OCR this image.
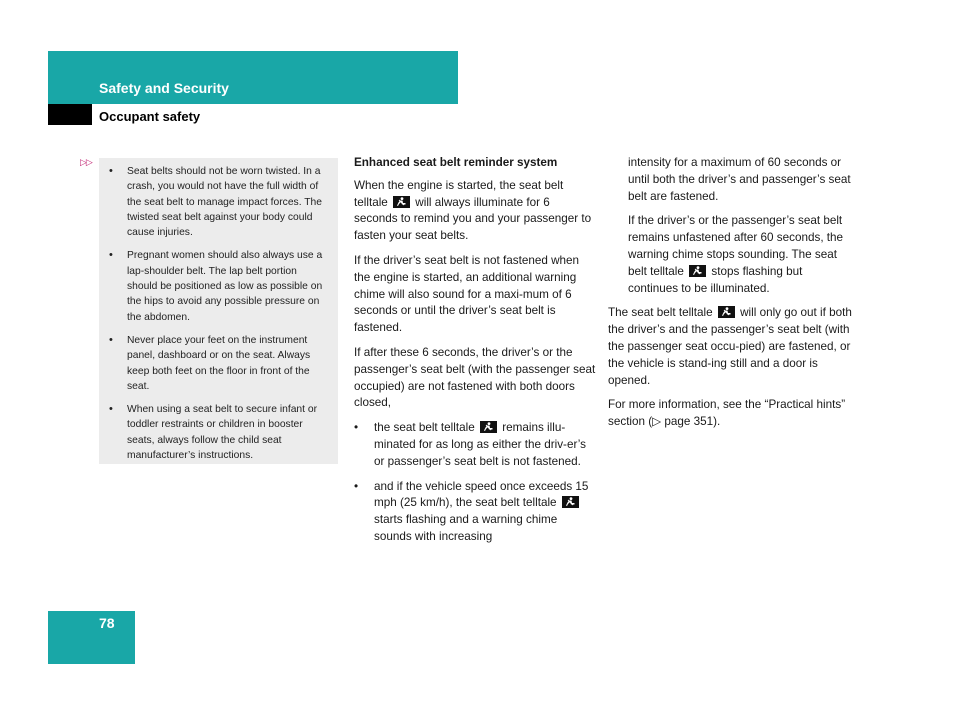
Safety and Security
Occupant safety
▷▷
• Seat belts should not be worn twisted. In a crash, you would not have the full width of the seat belt to manage impact forces. The twisted seat belt against your body could cause injuries.
• Pregnant women should also always use a lap-shoulder belt. The lap belt portion should be positioned as low as possible on the hips to avoid any possible pressure on the abdomen.
• Never place your feet on the instrument panel, dashboard or on the seat. Always keep both feet on the floor in front of the seat.
• When using a seat belt to secure infant or toddler restraints or children in booster seats, always follow the child seat manufacturer’s instructions.
Enhanced seat belt reminder system

When the engine is started, the seat belt telltale will always illuminate for 6 seconds to remind you and your passenger to fasten your seat belts.

If the driver’s seat belt is not fastened when the engine is started, an additional warning chime will also sound for a maxi-mum of 6 seconds or until the driver’s seat belt is fastened.

If after these 6 seconds, the driver’s or the passenger’s seat belt (with the passenger seat occupied) are not fastened with both doors closed,

• the seat belt telltale remains illu-minated for as long as either the driv-er’s or passenger’s seat belt is not fastened.
• and if the vehicle speed once exceeds 15 mph (25 km/h), the seat belt telltale
starts flashing and a warning chime sounds with increasing
intensity for a maximum of 60 seconds or until both the driver’s and passenger’s seat belt are fastened.
If the driver’s or the passenger’s seat belt remains unfastened after 60 seconds, the warning chime stops sounding. The seat belt telltale stops flashing but continues to be illuminated.

The seat belt telltale will only go out if both the driver’s and the passenger’s seat belt (with the passenger seat occu-pied) are fastened, or the vehicle is stand-ing still and a door is opened.

For more information, see the “Practical hints” section (▷ page 351).

78
